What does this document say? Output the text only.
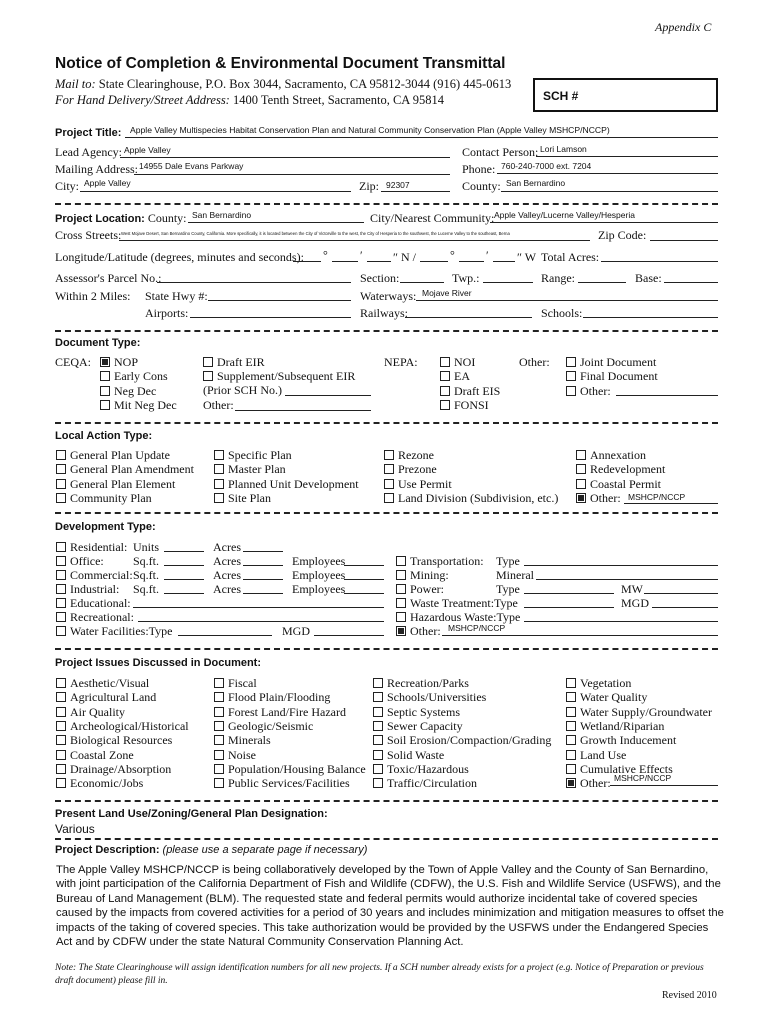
Appendix C
Notice of Completion & Environmental Document Transmittal
Mail to: State Clearinghouse, P.O. Box 3044, Sacramento, CA 95812-3044 (916) 445-0613
For Hand Delivery/Street Address: 1400 Tenth Street, Sacramento, CA 95814	SCH #
Project Title: Apple Valley Multispecies Habitat Conservation Plan and Natural Community Conservation Plan (Apple Valley MSHCP/NCCP)
Lead Agency: Apple Valley	Contact Person: Lori Lamson
Mailing Address: 14955 Dale Evans Parkway	Phone: 760-240-7000 ext. 7204
City: Apple Valley	Zip: 92307	County: San Bernardino
Project Location: County: San Bernardino	City/Nearest Community: Apple Valley/Lucerne Valley/Hesperia
Cross Streets: West Mojave Desert, San Bernardino County, California. More specifically, it is located between the City of Victorville to the west, the City of Hesperia to the southwest, the Lucerne Valley to the southeast, Berna	Zip Code:
Longitude/Latitude (degrees, minutes and seconds): °	′	″ N /	°	′ ″ W Total Acres:
Assessor's Parcel No.:	Section:	Twp.:	Range:	Base:
Within 2 Miles: State Hwy #:	Waterways: Mojave River
Airports:	Railways:	Schools:
Document Type:
CEQA: NOP
Early Cons
Neg Dec
Mit Neg Dec
Draft EIR
Supplement/Subsequent EIR
(Prior SCH No.)
Other:
NEPA:	NOI
EA
Draft EIS
FONSI
Other:	Joint Document
Final Document
Other:
Local Action Type:
General Plan Update
General Plan Amendment
General Plan Element
Community Plan
Specific Plan
Master Plan
Planned Unit Development
Site Plan
Rezone
Prezone
Use Permit
Land Division (Subdivision, etc.)
Annexation
Redevelopment
Coastal Permit
Other: MSHCP/NCCP
Development Type:
Residential: Units	Acres
Office: Sq.ft.	Acres	Employees
Commercial: Sq.ft.	Acres	Employees
Industrial: Sq.ft.	Acres	Employees
Educational:
Recreational:
Water Facilities:Type	MGD
Transportation: Type
Mining:	Mineral
Power:	Type	MW
Waste Treatment:Type	MGD
Hazardous Waste:Type
Other: MSHCP/NCCP
Project Issues Discussed in Document:
Aesthetic/Visual
Agricultural Land
Air Quality
Archeological/Historical
Biological Resources
Coastal Zone
Drainage/Absorption
Economic/Jobs
Fiscal
Flood Plain/Flooding
Forest Land/Fire Hazard
Geologic/Seismic
Minerals
Noise
Population/Housing Balance
Public Services/Facilities
Recreation/Parks
Schools/Universities
Septic Systems
Sewer Capacity
Soil Erosion/Compaction/Grading
Solid Waste
Toxic/Hazardous
Traffic/Circulation
Vegetation
Water Quality
Water Supply/Groundwater
Wetland/Riparian
Growth Inducement
Land Use
Cumulative Effects
Other: MSHCP/NCCP
Present Land Use/Zoning/General Plan Designation:
Various
Project Description: (please use a separate page if necessary)
The Apple Valley MSHCP/NCCP is being collaboratively developed by the Town of Apple Valley and the County of San Bernardino, with joint participation of the California Department of Fish and Wildlife (CDFW), the U.S. Fish and Wildlife Service (USFWS), and the Bureau of Land Management (BLM). The requested state and federal permits would authorize incidental take of covered species caused by the impacts from covered activities for a period of 30 years and includes minimization and mitigation measures to offset the impacts of the taking of covered species. This take authorization would be provided by the USFWS under the Endangered Species Act and by CDFW under the state Natural Community Conservation Planning Act.
Note: The State Clearinghouse will assign identification numbers for all new projects. If a SCH number already exists for a project (e.g. Notice of Preparation or previous draft document) please fill in.
Revised 2010
